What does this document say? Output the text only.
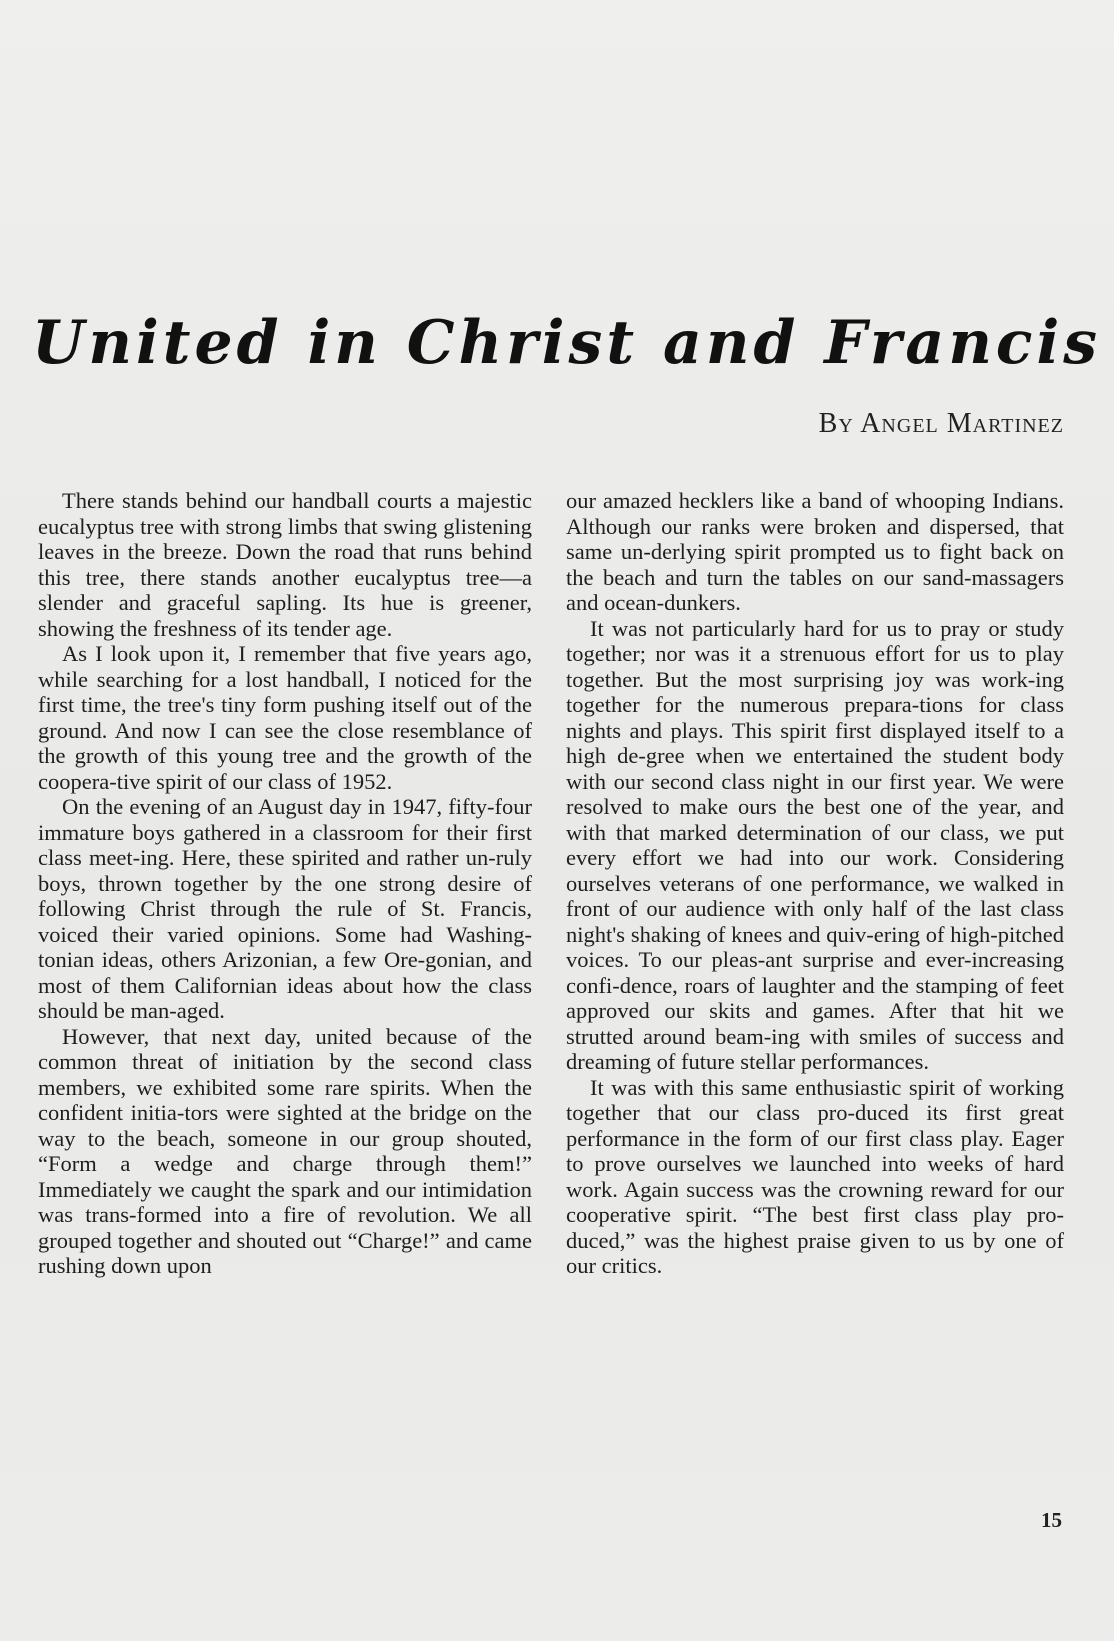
United in Christ and Francis
By Angel Martinez

There stands behind our handball courts a majestic eucalyptus tree with strong limbs that swing glistening leaves in the breeze. Down the road that runs behind this tree, there stands another eucalyptus tree—a slender and graceful sapling. Its hue is greener, showing the freshness of its tender age.

As I look upon it, I remember that five years ago, while searching for a lost handball, I noticed for the first time, the tree's tiny form pushing itself out of the ground. And now I can see the close resemblance of the growth of this young tree and the growth of the coopera-tive spirit of our class of 1952.

On the evening of an August day in 1947, fifty-four immature boys gathered in a classroom for their first class meet-ing. Here, these spirited and rather un-ruly boys, thrown together by the one strong desire of following Christ through the rule of St. Francis, voiced their varied opinions. Some had Washing-tonian ideas, others Arizonian, a few Ore-gonian, and most of them Californian ideas about how the class should be man-aged.

However, that next day, united because of the common threat of initiation by the second class members, we exhibited some rare spirits. When the confident initia-tors were sighted at the bridge on the way to the beach, someone in our group shouted, “Form a wedge and charge through them!” Immediately we caught the spark and our intimidation was trans-formed into a fire of revolution. We all grouped together and shouted out “Charge!” and came rushing down upon

our amazed hecklers like a band of whooping Indians. Although our ranks were broken and dispersed, that same un-derlying spirit prompted us to fight back on the beach and turn the tables on our sand-massagers and ocean-dunkers.

It was not particularly hard for us to pray or study together; nor was it a strenuous effort for us to play together. But the most surprising joy was work-ing together for the numerous prepara-tions for class nights and plays. This spirit first displayed itself to a high de-gree when we entertained the student body with our second class night in our first year. We were resolved to make ours the best one of the year, and with that marked determination of our class, we put every effort we had into our work. Considering ourselves veterans of one performance, we walked in front of our audience with only half of the last class night's shaking of knees and quiv-ering of high-pitched voices. To our pleas-ant surprise and ever-increasing confi-dence, roars of laughter and the stamping of feet approved our skits and games. After that hit we strutted around beam-ing with smiles of success and dreaming of future stellar performances.

It was with this same enthusiastic spirit of working together that our class pro-duced its first great performance in the form of our first class play. Eager to prove ourselves we launched into weeks of hard work. Again success was the crowning reward for our cooperative spirit. “The best first class play pro-duced,” was the highest praise given to us by one of our critics.

15
